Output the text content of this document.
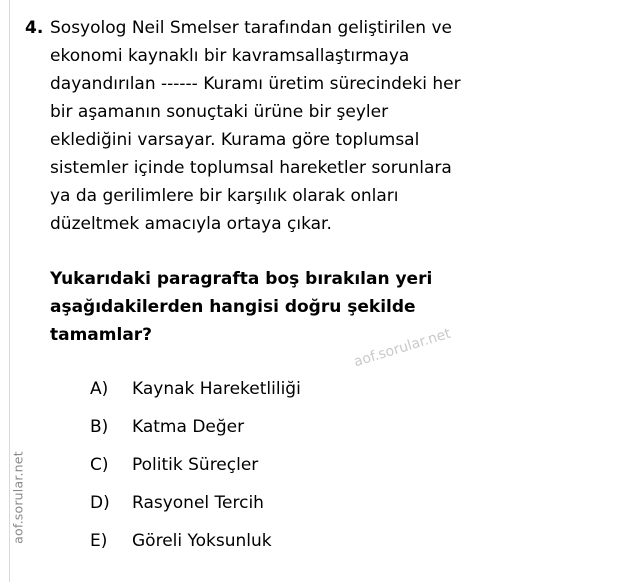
aof.sorular.net
4. Sosyolog Neil Smelser tarafından geliştirilen ve
ekonomi kaynaklı bir kavramsallaştırmaya
dayandırılan ------ Kuramı üretim sürecindeki her
bir aşamanın sonuçtaki ürüne bir şeyler
eklediğini varsayar. Kurama göre toplumsal
sistemler içinde toplumsal hareketler sorunlara
ya da gerilimlere bir karşılık olarak onları
düzeltmek amacıyla ortaya çıkar.
Yukarıdaki paragrafta boş bırakılan yeri
aşağıdakilerden hangisi doğru şekilde
tamamlar?
A)	Kaynak Hareketliliği
B)	Katma Değer
C)	Politik Süreçler
D)	Rasyonel Tercih
E)	Göreli Yoksunluk
aof.sorular.net
